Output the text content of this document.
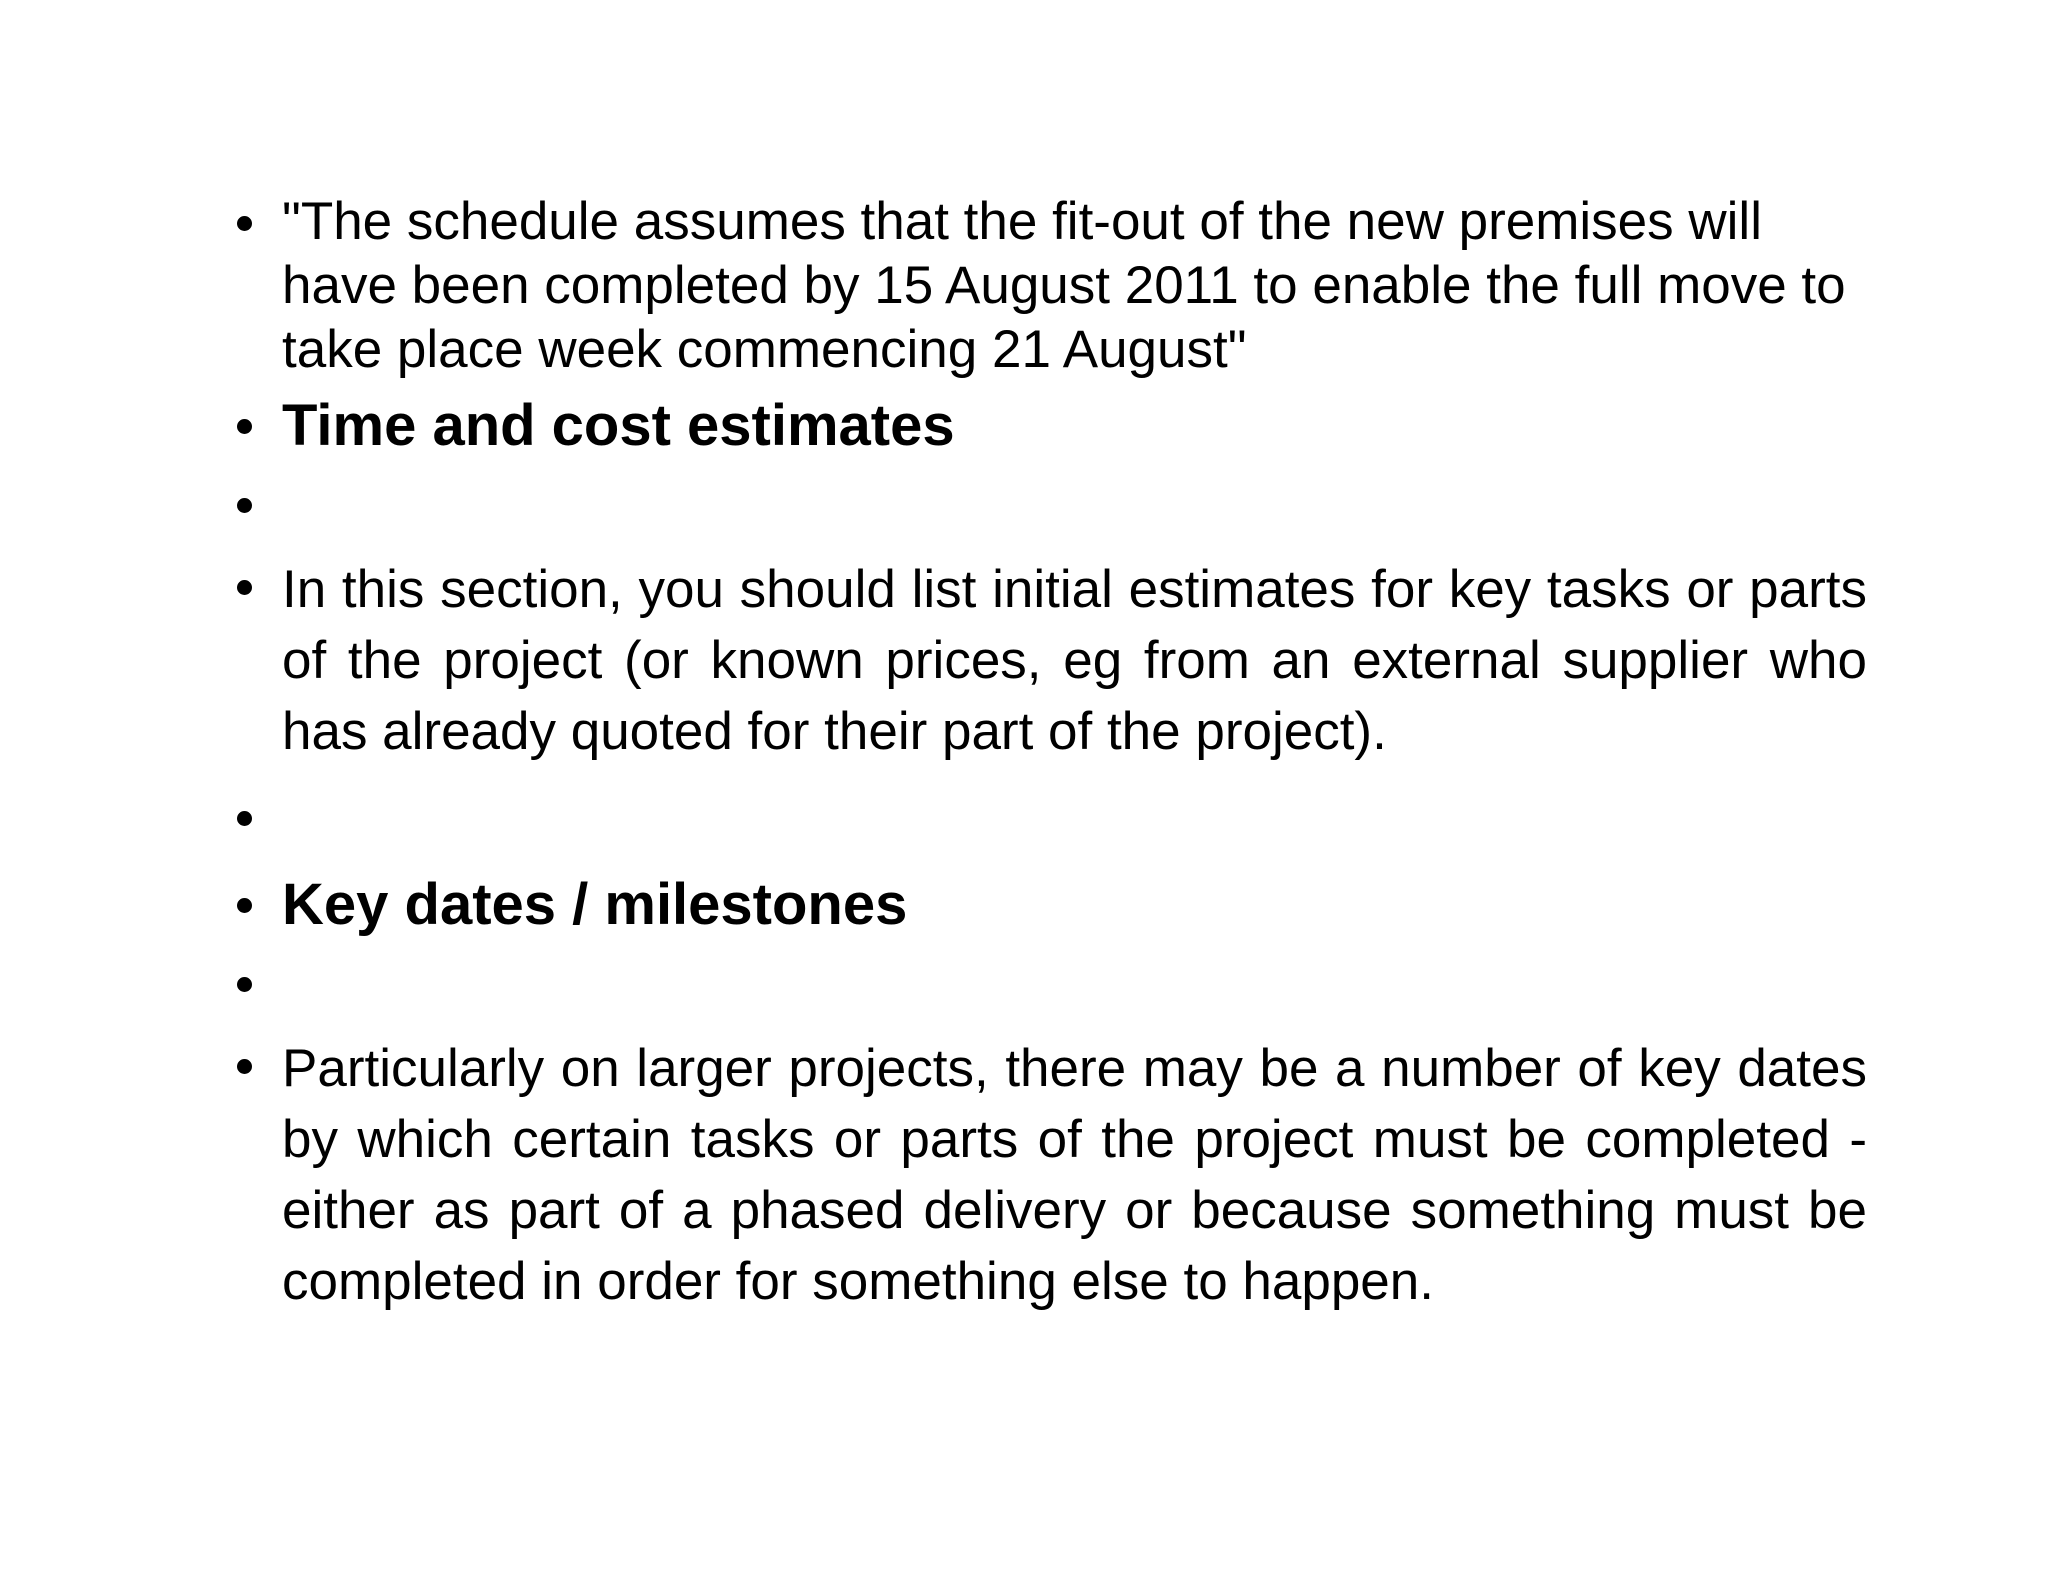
"The schedule assumes that the fit-out of the new premises will have been completed by 15 August 2011 to enable the full move to take place week commencing 21 August"
Time and cost estimates
In this section, you should list initial estimates for key tasks or parts of the project (or known prices, eg from an external supplier who has already quoted for their part of the project).
Key dates / milestones
Particularly on larger projects, there may be a number of key dates by which certain tasks or parts of the project must be completed - either as part of a phased delivery or because something must be completed in order for something else to happen.
